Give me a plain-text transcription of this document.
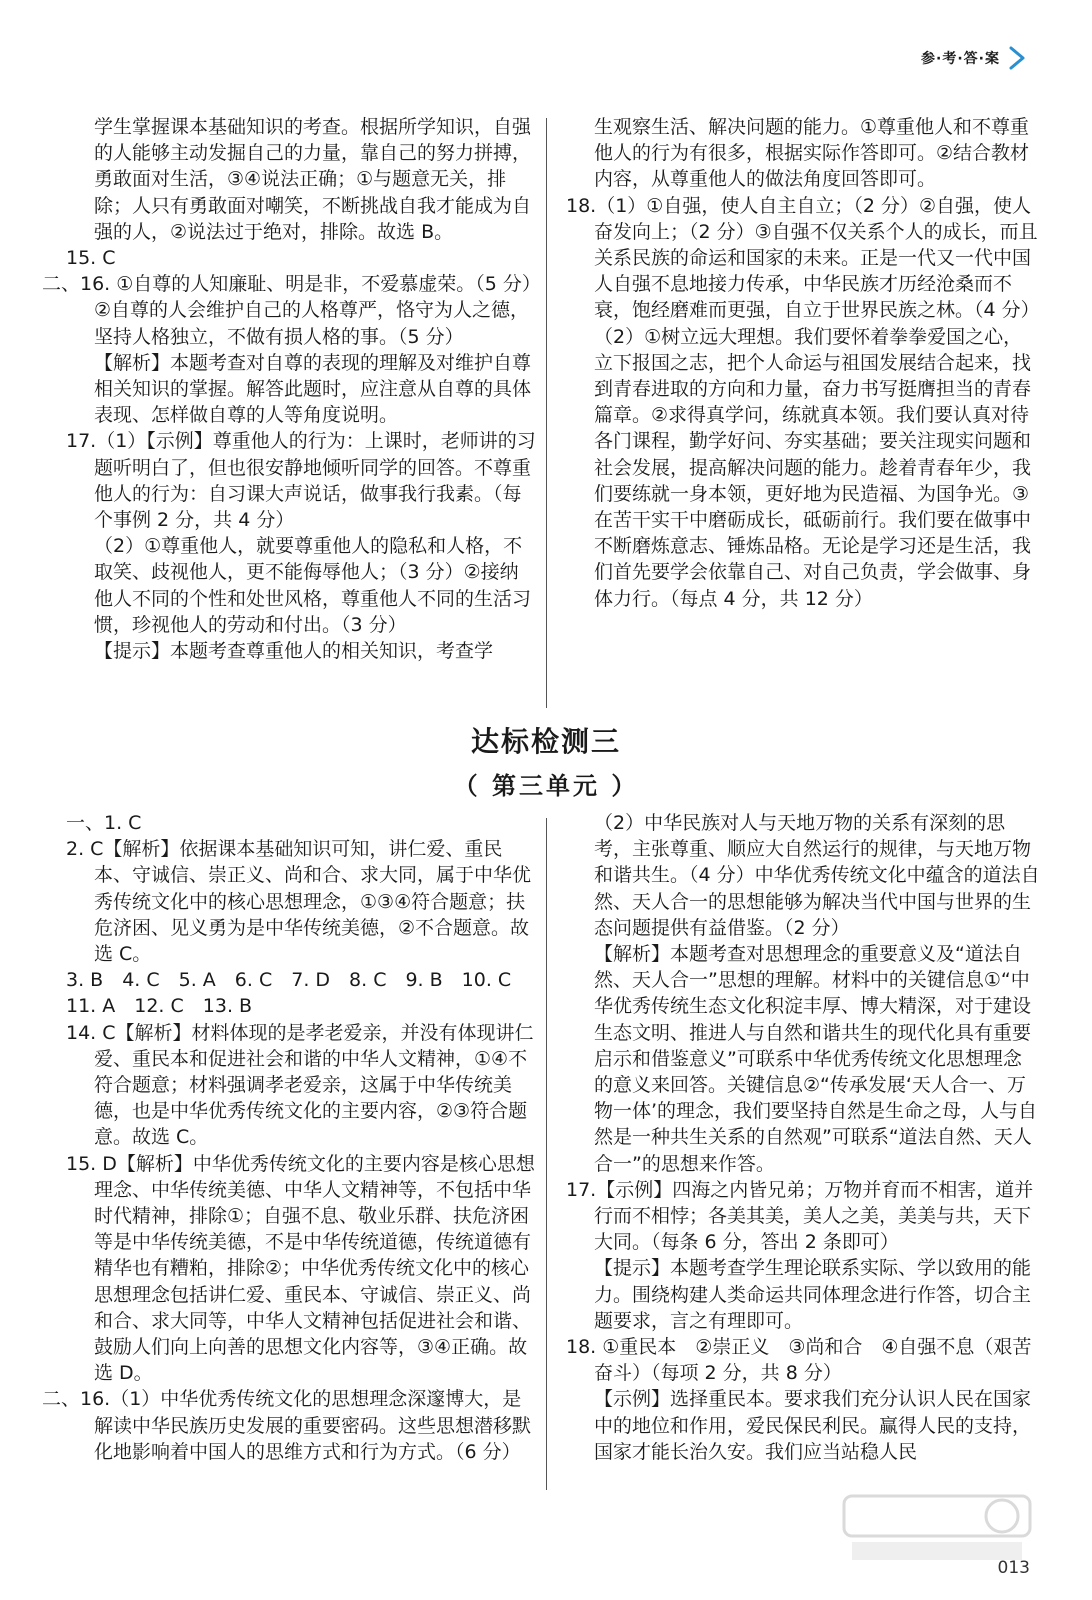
参·考·答·案

学生掌握课本基础知识的考查。根据所学知识，自强的人能够主动发掘自己的力量，靠自己的努力拼搏，勇敢面对生活，③④说法正确；①与题意无关，排除；人只有勇敢面对嘲笑，不断挑战自我才能成为自强的人，②说法过于绝对，排除。故选 B。

15. C

二、16. ①自尊的人知廉耻、明是非，不爱慕虚荣。（5 分）②自尊的人会维护自己的人格尊严，恪守为人之德，坚持人格独立，不做有损人格的事。（5 分）

【解析】本题考查对自尊的表现的理解及对维护自尊相关知识的掌握。解答此题时，应注意从自尊的具体表现、怎样做自尊的人等角度说明。

17.（1）【示例】尊重他人的行为：上课时，老师讲的习题听明白了，但也很安静地倾听同学的回答。不尊重他人的行为：自习课大声说话，做事我行我素。（每个事例 2 分，共 4 分）

（2）①尊重他人，就要尊重他人的隐私和人格，不取笑、歧视他人，更不能侮辱他人；（3 分）②接纳他人不同的个性和处世风格，尊重他人不同的生活习惯，珍视他人的劳动和付出。（3 分）

【提示】本题考查尊重他人的相关知识，考查学

生观察生活、解决问题的能力。①尊重他人和不尊重他人的行为有很多，根据实际作答即可。②结合教材内容，从尊重他人的做法角度回答即可。

18.（1）①自强，使人自主自立；（2 分）②自强，使人奋发向上；（2 分）③自强不仅关系个人的成长，而且关系民族的命运和国家的未来。正是一代又一代中国人自强不息地接力传承，中华民族才历经沧桑而不衰，饱经磨难而更强，自立于世界民族之林。（4 分）（2）①树立远大理想。我们要怀着拳拳爱国之心，立下报国之志，把个人命运与祖国发展结合起来，找到青春进取的方向和力量，奋力书写挺膺担当的青春篇章。②求得真学问，练就真本领。我们要认真对待各门课程，勤学好问、夯实基础；要关注现实问题和社会发展，提高解决问题的能力。趁着青春年少，我们要练就一身本领，更好地为民造福、为国争光。③在苦干实干中磨砺成长，砥砺前行。我们要在做事中不断磨炼意志、锤炼品格。无论是学习还是生活，我们首先要学会依靠自己、对自己负责，学会做事、身体力行。（每点 4 分，共 12 分）

达标检测三
（ 第三单元 ）

一、1. C

2. C【解析】依据课本基础知识可知，讲仁爱、重民本、守诚信、崇正义、尚和合、求大同，属于中华优秀传统文化中的核心思想理念，①③④符合题意；扶危济困、见义勇为是中华传统美德，②不合题意。故选 C。

3. B　4. C　5. A　6. C　7. D　8. C　9. B　10. C

11. A　12. C　13. B

14. C【解析】材料体现的是孝老爱亲，并没有体现讲仁爱、重民本和促进社会和谐的中华人文精神，①④不符合题意；材料强调孝老爱亲，这属于中华传统美德，也是中华优秀传统文化的主要内容，②③符合题意。故选 C。

15. D【解析】中华优秀传统文化的主要内容是核心思想理念、中华传统美德、中华人文精神等，不包括中华时代精神，排除①；自强不息、敬业乐群、扶危济困等是中华传统美德，不是中华传统道德，传统道德有精华也有糟粕，排除②；中华优秀传统文化中的核心思想理念包括讲仁爱、重民本、守诚信、崇正义、尚和合、求大同等，中华人文精神包括促进社会和谐、鼓励人们向上向善的思想文化内容等，③④正确。故选 D。

二、16.（1）中华优秀传统文化的思想理念深邃博大，是解读中华民族历史发展的重要密码。这些思想潜移默化地影响着中国人的思维方式和行为方式。（6 分）

（2）中华民族对人与天地万物的关系有深刻的思考，主张尊重、顺应大自然运行的规律，与天地万物和谐共生。（4 分）中华优秀传统文化中蕴含的道法自然、天人合一的思想能够为解决当代中国与世界的生态问题提供有益借鉴。（2 分）

【解析】本题考查对思想理念的重要意义及“道法自然、天人合一”思想的理解。材料中的关键信息①“中华优秀传统生态文化积淀丰厚、博大精深，对于建设生态文明、推进人与自然和谐共生的现代化具有重要启示和借鉴意义”可联系中华优秀传统文化思想理念的意义来回答。关键信息②“传承发展‘天人合一、万物一体’的理念，我们要坚持自然是生命之母，人与自然是一种共生关系的自然观”可联系“道法自然、天人合一”的思想来作答。

17.【示例】四海之内皆兄弟；万物并育而不相害，道并行而不相悖；各美其美，美人之美，美美与共，天下大同。（每条 6 分，答出 2 条即可）

【提示】本题考查学生理论联系实际、学以致用的能力。围绕构建人类命运共同体理念进行作答，切合主题要求，言之有理即可。

18. ①重民本　②崇正义　③尚和合　④自强不息（艰苦奋斗）（每项 2 分，共 8 分）

【示例】选择重民本。要求我们充分认识人民在国家中的地位和作用，爱民保民利民。赢得人民的支持，国家才能长治久安。我们应当站稳人民

013
